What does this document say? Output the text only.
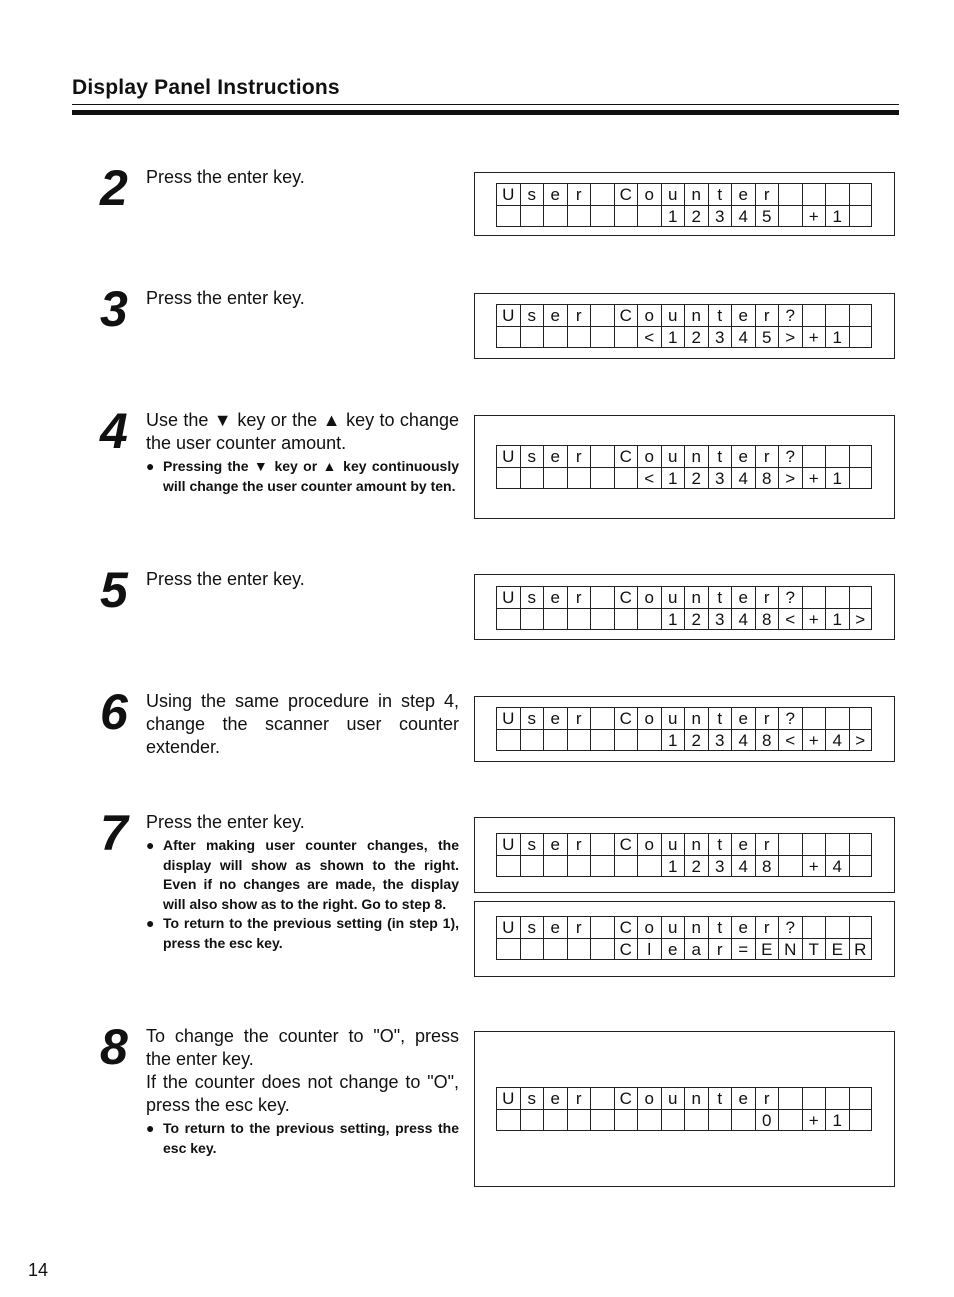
Display Panel Instructions
2	Press the enter key.

U s e r	C o u n t e r
1 2 3 4 5	+ 1
3	Press the enter key.

U s e r	C o u n t e r ?
< 1 2 3 4 5 > + 1
4	Use the ▼ key or the ▲ key to change the user counter amount.

● Pressing the ▼ key or ▲ key continuously will change the user counter amount by ten.
U s e r	C o u n t e r ?
< 1 2 3 4 8 > + 1
5	Press the enter key.

U s e r	C o u n t e r ?
1 2 3 4 8 < + 1 >
6	Using the same procedure in step 4, change the scanner user counter extender.

U s e r	C o u n t e r ?
1 2 3 4 8 < + 4 >
7	Press the enter key.

● After making user counter changes, the display will show as shown to the right. Even if no changes are made, the display will also show as to the right. Go to step 8.
● To return to the previous setting (in step 1), press the esc key.
U s e r	C o u n t e r
1 2 3 4 8	+ 4
U s e r	C o u n t e r ?
C l e a r = E N T E R
8	To change the counter to "O", press the enter key.

If the counter does not change to "O", press the esc key.

● To return to the previous setting, press the esc key.
U s e r	C o u n t e r
0	+ 1
14
